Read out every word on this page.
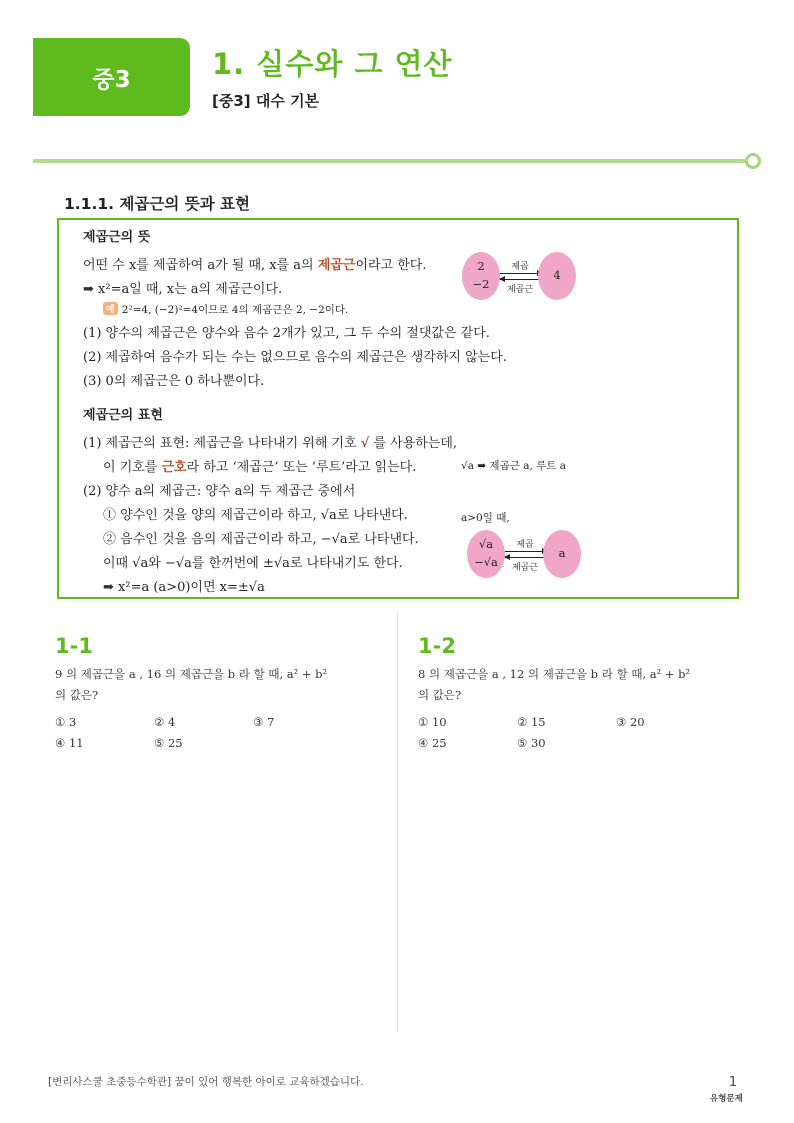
중3	1. 실수와 그 연산
[중3] 대수 기본
1.1.1. 제곱근의 뜻과 표현
제곱근의 뜻
어떤 수 x를 제곱하여 a가 될 때, x를 a의 제곱근이라고 한다.
➡ x²=a일 때, x는 a의 제곱근이다.
예 2²=4, (−2)²=4이므로 4의 제곱근은 2, −2이다.
(1) 양수의 제곱근은 양수와 음수 2개가 있고, 그 두 수의 절댓값은 같다.
(2) 제곱하여 음수가 되는 수는 없으므로 음수의 제곱근은 생각하지 않는다.
(3) 0의 제곱근은 0 하나뿐이다.
2
−2
제곱
제곱근
4
제곱근의 표현
(1) 제곱근의 표현: 제곱근을 나타내기 위해 기호 √ 를 사용하는데,
이 기호를 근호라 하고 ‘제곱근’ 또는 ‘루트’라고 읽는다.	√a ➡ 제곱근 a, 루트 a
(2) 양수 a의 제곱근: 양수 a의 두 제곱근 중에서
① 양수인 것을 양의 제곱근이라 하고, √a로 나타낸다.
② 음수인 것을 음의 제곱근이라 하고, −√a로 나타낸다.
이때 √a와 −√a를 한꺼번에 ±√a로 나타내기도 한다.
➡ x²=a (a>0)이면 x=±√a
a>0일 때,
√a
−√a
제곱
제곱근
a
1-1
9 의 제곱근을 a , 16 의 제곱근을 b 라 할 때, a² + b²
의 값은?
① 3	② 4	③ 7
④ 11	⑤ 25
1-2
8 의 제곱근을 a , 12 의 제곱근을 b 라 할 때, a² + b²
의 값은?
① 10	② 15	③ 20
④ 25	⑤ 30
[변리사스쿨 초중등수학관] 꿈이 있어 행복한 아이로 교육하겠습니다.	1
유형문제
